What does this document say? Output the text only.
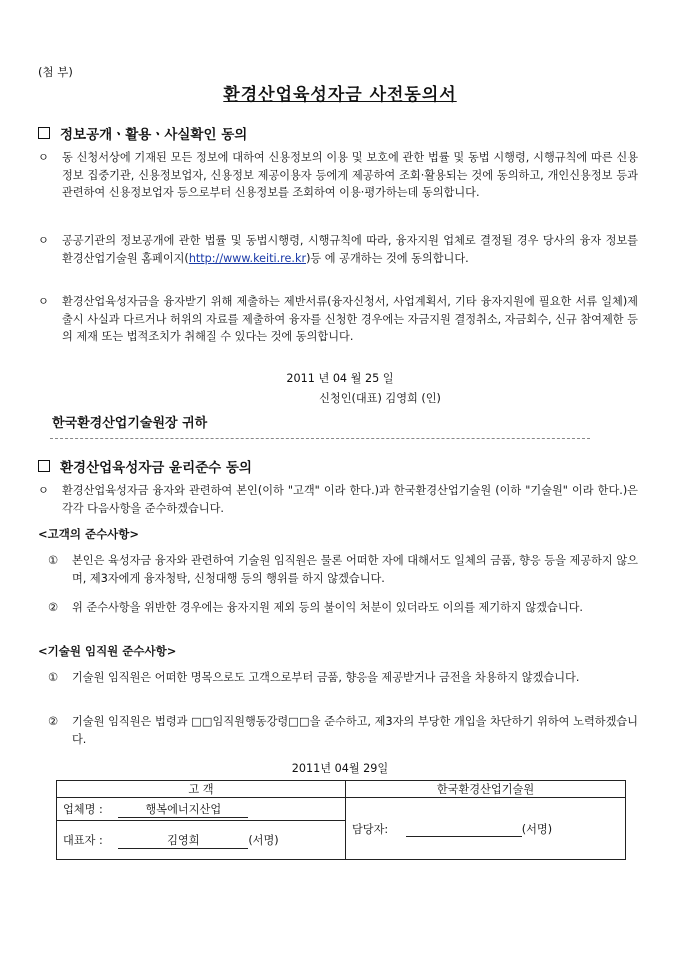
(첨 부)
환경산업육성자금 사전동의서
정보공개ㆍ활용ㆍ사실확인 동의
ㅇ 동 신청서상에 기재된 모든 정보에 대하여 신용정보의 이용 및 보호에 관한 법률 및 동법 시행령, 시행규칙에 따른 신용정보 집중기관, 신용정보업자, 신용정보 제공이용자 등에게 제공하여 조회·활용되는 것에 동의하고, 개인신용정보 등과 관련하여 신용정보업자 등으로부터 신용정보를 조회하여 이용·평가하는데 동의합니다.
ㅇ 공공기관의 정보공개에 관한 법률 및 동법시행령, 시행규칙에 따라, 융자지원 업체로 결정될 경우 당사의 융자 정보를 환경산업기술원 홈페이지(http://www.keiti.re.kr)등 에 공개하는 것에 동의합니다.
ㅇ 환경산업육성자금을 융자받기 위해 제출하는 제반서류(융자신청서, 사업계획서, 기타 융자지원에 필요한 서류 일체)제출시 사실과 다르거나 허위의 자료를 제출하여 융자를 신청한 경우에는 자금지원 결정취소, 자금회수, 신규 참여제한 등의 제재 또는 법적조치가 취해질 수 있다는 것에 동의합니다.
2011 년 04 월 25 일
신청인(대표) 김영희 (인)
한국환경산업기술원장 귀하
환경산업육성자금 윤리준수 동의
ㅇ 환경산업육성자금 융자와 관련하여 본인(이하 "고객" 이라 한다.)과 한국환경산업기술원 (이하 "기술원" 이라 한다.)은 각각 다음사항을 준수하겠습니다.
<고객의 준수사항>
① 본인은 육성자금 융자와 관련하여 기술원 임직원은 물론 어떠한 자에 대해서도 일체의 금품, 향응 등을 제공하지 않으며, 제3자에게 융자청탁, 신청대행 등의 행위를 하지 않겠습니다.
② 위 준수사항을 위반한 경우에는 융자지원 제외 등의 불이익 처분이 있더라도 이의를 제기하지 않겠습니다.
<기술원 임직원 준수사항>
① 기술원 임직원은 어떠한 명목으로도 고객으로부터 금품, 향응을 제공받거나 금전을 차용하지 않겠습니다.
② 기술원 임직원은 법령과 □□임직원행동강령□□을 준수하고, 제3자의 부당한 개입을 차단하기 위하여 노력하겠습니다.
2011년 04월 29일
고 객	한국환경산업기술원
업체명 : 행복에너지산업	담당자: (서명)
대표자 : 김영희 (서명)	
